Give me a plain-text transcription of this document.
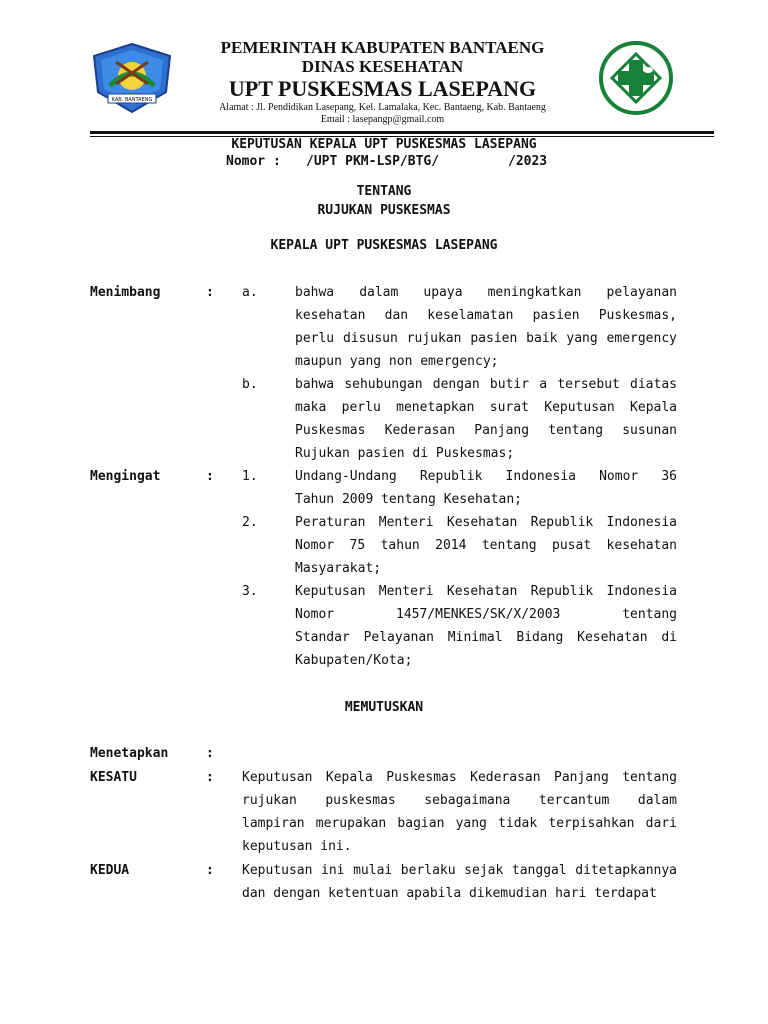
KAB. BANTAENG
PEMERINTAH KABUPATEN BANTAENG
DINAS KESEHATAN
UPT PUSKESMAS LASEPANG
Alamat : Jl. Pendidikan Lasepang, Kel. Lamalaka, Kec. Bantaeng, Kab. Bantaeng
Email : lasepangp@gmail.com
KEPUTUSAN KEPALA UPT PUSKESMAS LASEPANG
Nomor : /UPT PKM-LSP/BTG/	/2023
TENTANG
RUJUKAN PUSKESMAS
KEPALA UPT PUSKESMAS LASEPANG
Menimbang	: a.	bahwa dalam upaya meningkatkan pelayanan
kesehatan dan keselamatan pasien Puskesmas,
perlu disusun rujukan pasien baik yang emergency
maupun yang non emergency;
b.	bahwa sehubungan dengan butir a tersebut diatas
maka perlu menetapkan surat Keputusan Kepala
Puskesmas Kederasan Panjang tentang susunan
Rujukan pasien di Puskesmas;
Mengingat	: 1.	Undang-Undang Republik Indonesia Nomor 36
Tahun 2009 tentang Kesehatan;
2.	Peraturan Menteri Kesehatan Republik Indonesia
Nomor 75 tahun 2014 tentang pusat kesehatan
Masyarakat;
3.	Keputusan Menteri Kesehatan Republik Indonesia
Nomor 1457/MENKES/SK/X/2003 tentang
Standar Pelayanan Minimal Bidang Kesehatan di
Kabupaten/Kota;
MEMUTUSKAN
Menetapkan	:
KESATU	: Keputusan Kepala Puskesmas Kederasan Panjang tentang
rujukan puskesmas sebagaimana tercantum dalam
lampiran merupakan bagian yang tidak terpisahkan dari
keputusan ini.
KEDUA	: Keputusan ini mulai berlaku sejak tanggal ditetapkannya
dan dengan ketentuan apabila dikemudian hari terdapat
